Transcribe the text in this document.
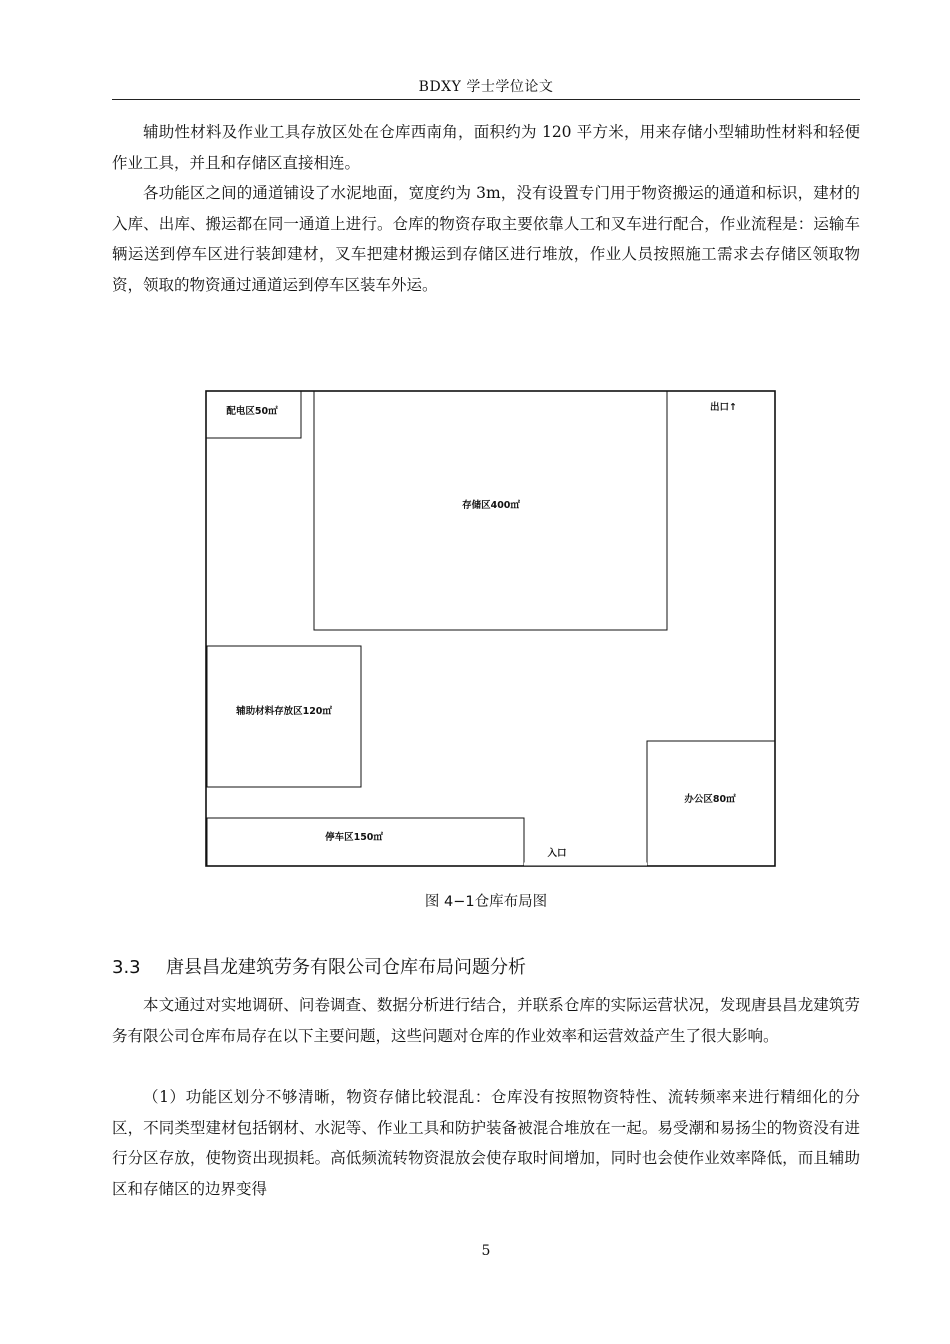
BDXY 学士学位论文

辅助性材料及作业工具存放区处在仓库西南角，面积约为 120 平方米，用来存储小型辅助性材料和轻便作业工具，并且和存储区直接相连。

各功能区之间的通道铺设了水泥地面，宽度约为 3m，没有设置专门用于物资搬运的通道和标识，建材的入库、出库、搬运都在同一通道上进行。仓库的物资存取主要依靠人工和叉车进行配合，作业流程是：运输车辆运送到停车区进行装卸建材，叉车把建材搬运到存储区进行堆放，作业人员按照施工需求去存储区领取物资，领取的物资通过通道运到停车区装车外运。

配电区50㎡
存储区400㎡
出口↑
辅助材料存放区120㎡
办公区80㎡
停车区150㎡
入口
图 4−1仓库布局图
3.3 唐县昌龙建筑劳务有限公司仓库布局问题分析

本文通过对实地调研、问卷调查、数据分析进行结合，并联系仓库的实际运营状况，发现唐县昌龙建筑劳务有限公司仓库布局存在以下主要问题，这些问题对仓库的作业效率和运营效益产生了很大影响。

（1）功能区划分不够清晰，物资存储比较混乱：仓库没有按照物资特性、流转频率来进行精细化的分区，不同类型建材包括钢材、水泥等、作业工具和防护装备被混合堆放在一起。易受潮和易扬尘的物资没有进行分区存放，使物资出现损耗。高低频流转物资混放会使存取时间增加，同时也会使作业效率降低，而且辅助区和存储区的边界变得

5
